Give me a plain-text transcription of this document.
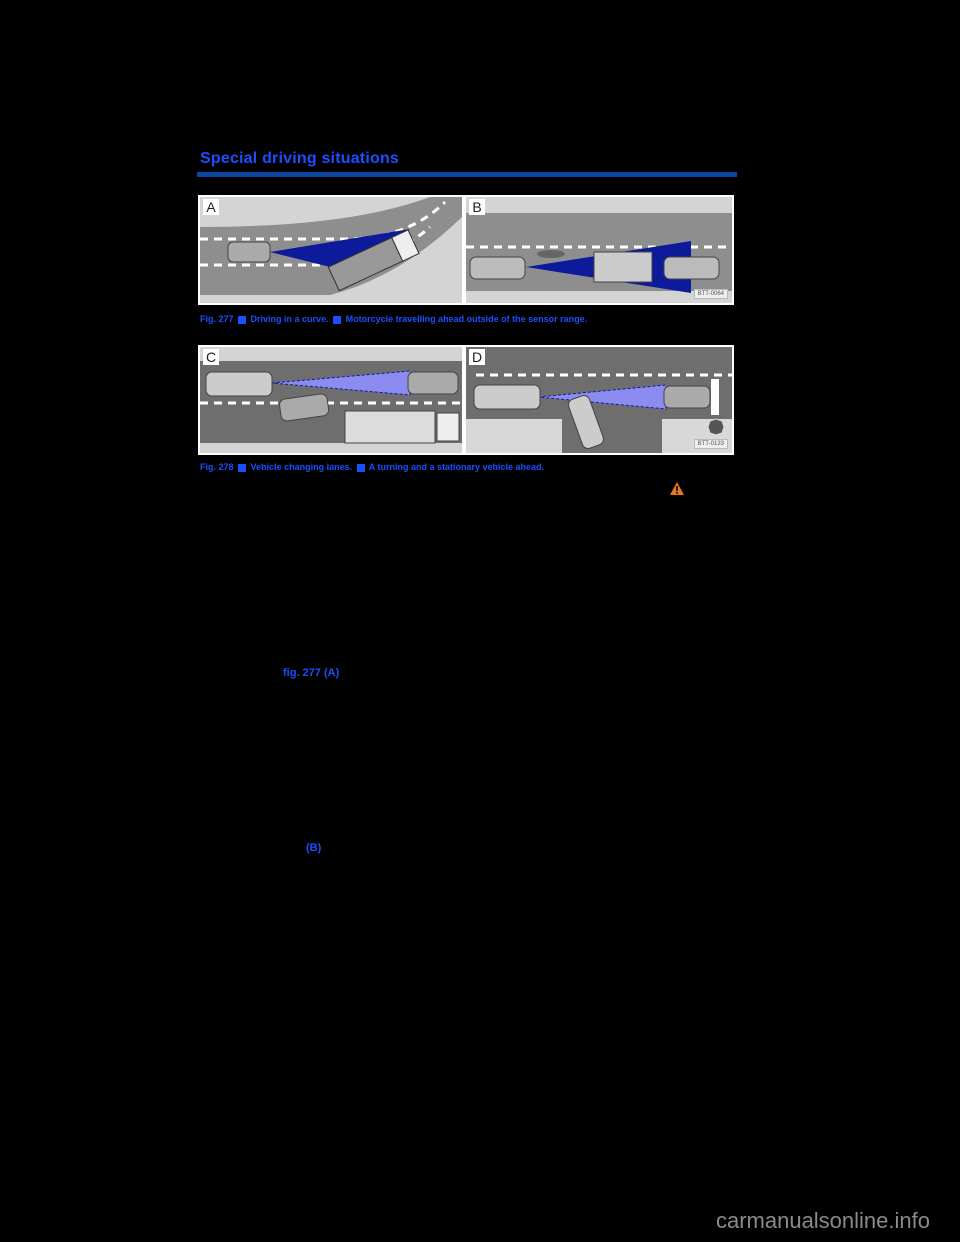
Special driving situations
A	B
BTT-0064
Fig. 277 Driving in a curve. Motorcycle travelling ahead outside of the sensor range.
C	D
BTT-0133
Fig. 278 Vehicle changing lanes. A turning and a stationary vehicle ahead.
fig. 277 (A)
(B)
carmanualsonline.info
